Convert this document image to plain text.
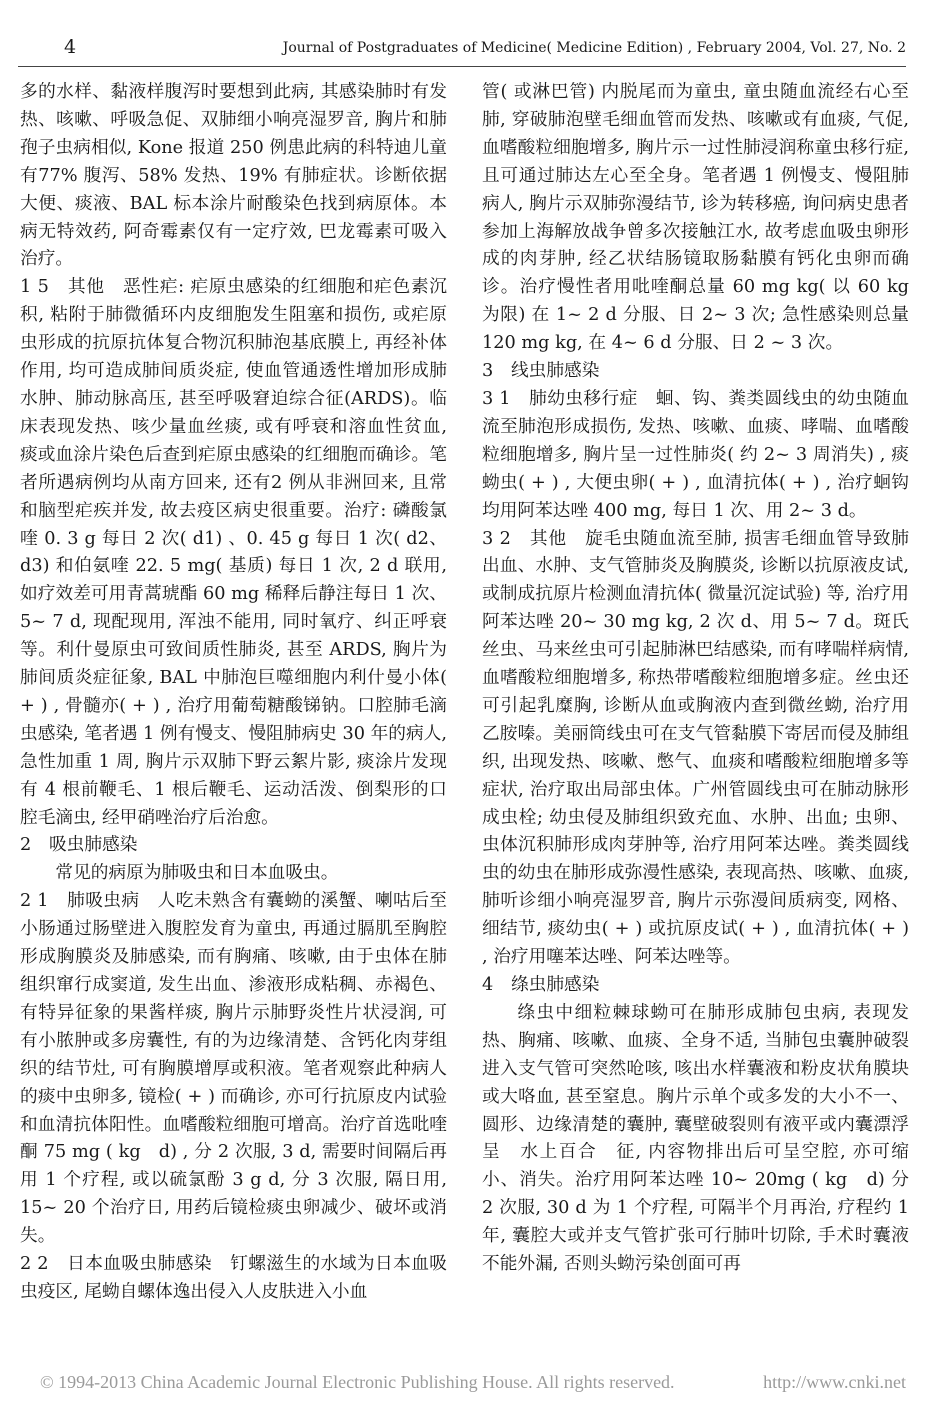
4	Journal of Postgraduates of Medicine( Medicine Edition) , February 2004, Vol. 27, No. 2

多的水样、黏液样腹泻时要想到此病, 其感染肺时有发热、咳嗽、呼吸急促、双肺细小响亮湿罗音, 胸片和肺孢子虫病相似, Kone 报道 250 例患此病的科特迪儿童有77% 腹泻、58% 发热、19% 有肺症状。诊断依据大便、痰液、BAL 标本涂片耐酸染色找到病原体。本病无特效药, 阿奇霉素仅有一定疗效, 巴龙霉素可吸入治疗。

1 5　其他　恶性疟: 疟原虫感染的红细胞和疟色素沉积, 粘附于肺微循环内皮细胞发生阻塞和损伤, 或疟原虫形成的抗原抗体复合物沉积肺泡基底膜上, 再经补体作用, 均可造成肺间质炎症, 使血管通透性增加形成肺水肿、肺动脉高压, 甚至呼吸窘迫综合征(ARDS)。临床表现发热、咳少量血丝痰, 或有呼衰和溶血性贫血, 痰或血涂片染色后查到疟原虫感染的红细胞而确诊。笔者所遇病例均从南方回来, 还有2 例从非洲回来, 且常和脑型疟疾并发, 故去疫区病史很重要。治疗: 磷酸氯喹 0. 3 g 每日 2 次( d1) 、0. 45 g 每日 1 次( d2、d3) 和伯氨喹 22. 5 mg( 基质) 每日 1 次, 2 d 联用, 如疗效差可用青蒿琥酯 60 mg 稀释后静注每日 1 次、5~ 7 d, 现配现用, 浑浊不能用, 同时氧疗、纠正呼衰等。利什曼原虫可致间质性肺炎, 甚至 ARDS, 胸片为肺间质炎症征象, BAL 中肺泡巨噬细胞内利什曼小体( + ) , 骨髓亦( + ) , 治疗用葡萄糖酸锑钠。口腔肺毛滴虫感染, 笔者遇 1 例有慢支、慢阻肺病史 30 年的病人, 急性加重 1 周, 胸片示双肺下野云絮片影, 痰涂片发现有 4 根前鞭毛、1 根后鞭毛、运动活泼、倒梨形的口腔毛滴虫, 经甲硝唑治疗后治愈。

2　吸虫肺感染

常见的病原为肺吸虫和日本血吸虫。

2 1　肺吸虫病　人吃未熟含有囊蚴的溪蟹、喇咕后至小肠通过肠壁进入腹腔发育为童虫, 再通过膈肌至胸腔形成胸膜炎及肺感染, 而有胸痛、咳嗽, 由于虫体在肺组织窜行成窦道, 发生出血、渗液形成粘稠、赤褐色、有特异征象的果酱样痰, 胸片示肺野炎性片状浸润, 可有小脓肿或多房囊性, 有的为边缘清楚、含钙化肉芽组织的结节灶, 可有胸膜增厚或积液。笔者观察此种病人的痰中虫卵多, 镜检( + ) 而确诊, 亦可行抗原皮内试验和血清抗体阳性。血嗜酸粒细胞可增高。治疗首选吡喹酮 75 mg ( kg　d) , 分 2 次服, 3 d, 需要时间隔后再用 1 个疗程, 或以硫氯酚 3 g d, 分 3 次服, 隔日用, 15~ 20 个治疗日, 用药后镜检痰虫卵减少、破坏或消失。

2 2　日本血吸虫肺感染　钉螺滋生的水域为日本血吸虫疫区, 尾蚴自螺体逸出侵入人皮肤进入小血

管( 或淋巴管) 内脱尾而为童虫, 童虫随血流经右心至肺, 穿破肺泡壁毛细血管而发热、咳嗽或有血痰, 气促, 血嗜酸粒细胞增多, 胸片示一过性肺浸润称童虫移行症, 且可通过肺达左心至全身。笔者遇 1 例慢支、慢阻肺病人, 胸片示双肺弥漫结节, 诊为转移癌, 询问病史患者参加上海解放战争曾多次接触江水, 故考虑血吸虫卵形成的肉芽肿, 经乙状结肠镜取肠黏膜有钙化虫卵而确诊。治疗慢性者用吡喹酮总量 60 mg kg( 以 60 kg 为限) 在 1~ 2 d 分服、日 2~ 3 次; 急性感染则总量 120 mg kg, 在 4~ 6 d 分服、日 2 ~ 3 次。

3　线虫肺感染

3 1　肺幼虫移行症　蛔、钩、粪类圆线虫的幼虫随血流至肺泡形成损伤, 发热、咳嗽、血痰、哮喘、血嗜酸粒细胞增多, 胸片呈一过性肺炎( 约 2~ 3 周消失) , 痰蚴虫( + ) , 大便虫卵( + ) , 血清抗体( + ) , 治疗蛔钩均用阿苯达唑 400 mg, 每日 1 次、用 2~ 3 d。

3 2　其他　旋毛虫随血流至肺, 损害毛细血管导致肺出血、水肿、支气管肺炎及胸膜炎, 诊断以抗原液皮试, 或制成抗原片检测血清抗体( 微量沉淀试验) 等, 治疗用阿苯达唑 20~ 30 mg kg, 2 次 d、用 5~ 7 d。斑氏丝虫、马来丝虫可引起肺淋巴结感染, 而有哮喘样病情, 血嗜酸粒细胞增多, 称热带嗜酸粒细胞增多症。丝虫还可引起乳糜胸, 诊断从血或胸液内查到微丝蚴, 治疗用乙胺嗪。美丽筒线虫可在支气管黏膜下寄居而侵及肺组织, 出现发热、咳嗽、憋气、血痰和嗜酸粒细胞增多等症状, 治疗取出局部虫体。广州管圆线虫可在肺动脉形成虫栓; 幼虫侵及肺组织致充血、水肿、出血; 虫卵、虫体沉积肺形成肉芽肿等, 治疗用阿苯达唑。粪类圆线虫的幼虫在肺形成弥漫性感染, 表现高热、咳嗽、血痰, 肺听诊细小响亮湿罗音, 胸片示弥漫间质病变, 网格、细结节, 痰幼虫( + ) 或抗原皮试( + ) , 血清抗体( + ) , 治疗用噻苯达唑、阿苯达唑等。

4　绦虫肺感染

绦虫中细粒棘球蚴可在肺形成肺包虫病, 表现发热、胸痛、咳嗽、血痰、全身不适, 当肺包虫囊肿破裂进入支气管可突然呛咳, 咳出水样囊液和粉皮状角膜块或大咯血, 甚至窒息。胸片示单个或多发的大小不一、圆形、边缘清楚的囊肿, 囊壁破裂则有液平或内囊漂浮呈　水上百合　征, 内容物排出后可呈空腔, 亦可缩小、消失。治疗用阿苯达唑 10~ 20mg ( kg　d) 分 2 次服, 30 d 为 1 个疗程, 可隔半个月再治, 疗程约 1 年, 囊腔大或并支气管扩张可行肺叶切除, 手术时囊液不能外漏, 否则头蚴污染创面可再

© 1994-2013 China Academic Journal Electronic Publishing House. All rights reserved.	http://www.cnki.net
